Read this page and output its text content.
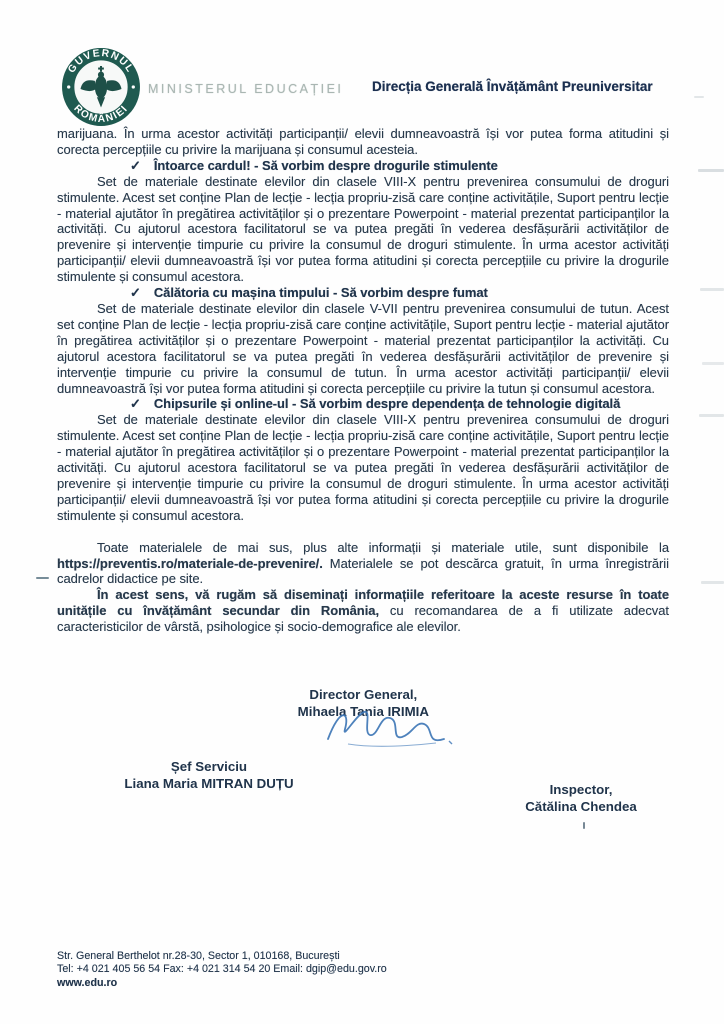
GUVERNUL
ROMÂNIEI
MINISTERUL EDUCAȚIEI Direcția Generală Învățământ Preuniversitar

marijuana. În urma acestor activități participanții/ elevii dumneavoastră își vor putea forma atitudini și corecta percepțiile cu privire la marijuana și consumul acesteia.

✓ Întoarce cardul! - Să vorbim despre drogurile stimulente

Set de materiale destinate elevilor din clasele VIII-X pentru prevenirea consumului de droguri stimulente. Acest set conține Plan de lecție - lecția propriu-zisă care conține activitățile, Suport pentru lecție - material ajutător în pregătirea activităților și o prezentare Powerpoint - material prezentat participanților la activități. Cu ajutorul acestora facilitatorul se va putea pregăti în vederea desfășurării activităților de prevenire și intervenție timpurie cu privire la consumul de droguri stimulente. În urma acestor activități participanții/ elevii dumneavoastră își vor putea forma atitudini și corecta percepțiile cu privire la drogurile stimulente și consumul acestora.

✓ Călătoria cu mașina timpului - Să vorbim despre fumat

Set de materiale destinate elevilor din clasele V-VII pentru prevenirea consumului de tutun. Acest set conține Plan de lecție - lecția propriu-zisă care conține activitățile, Suport pentru lecție - material ajutător în pregătirea activităților și o prezentare Powerpoint - material prezentat participanților la activități. Cu ajutorul acestora facilitatorul se va putea pregăti în vederea desfășurării activităților de prevenire și intervenție timpurie cu privire la consumul de tutun. În urma acestor activități participanții/ elevii dumneavoastră își vor putea forma atitudini și corecta percepțiile cu privire la tutun și consumul acestora.

✓ Chipsurile și online-ul - Să vorbim despre dependența de tehnologie digitală

Set de materiale destinate elevilor din clasele VIII-X pentru prevenirea consumului de droguri stimulente. Acest set conține Plan de lecție - lecția propriu-zisă care conține activitățile, Suport pentru lecție - material ajutător în pregătirea activităților și o prezentare Powerpoint - material prezentat participanților la activități. Cu ajutorul acestora facilitatorul se va putea pregăti în vederea desfășurării activităților de prevenire și intervenție timpurie cu privire la consumul de droguri stimulente. În urma acestor activități participanții/ elevii dumneavoastră își vor putea forma atitudini și corecta percepțiile cu privire la drogurile stimulente și consumul acestora.

Toate materialele de mai sus, plus alte informații și materiale utile, sunt disponibile la https://preventis.ro/materiale-de-prevenire/. Materialele se pot descărca gratuit, în urma înregistrării cadrelor didactice pe site.

În acest sens, vă rugăm să diseminați informațiile referitoare la aceste resurse în toate unitățile cu învățământ secundar din România, cu recomandarea de a fi utilizate adecvat caracteristicilor de vârstă, psihologice și socio-demografice ale elevilor.

Director General,
Mihaela Tania IRIMIA
Șef Serviciu
Liana Maria MITRAN DUȚU	Inspector,
Cătălina Chendea
Str. General Berthelot nr.28-30, Sector 1, 010168, București
Tel: +4 021 405 56 54 Fax: +4 021 314 54 20 Email: dgip@edu.gov.ro
www.edu.ro
